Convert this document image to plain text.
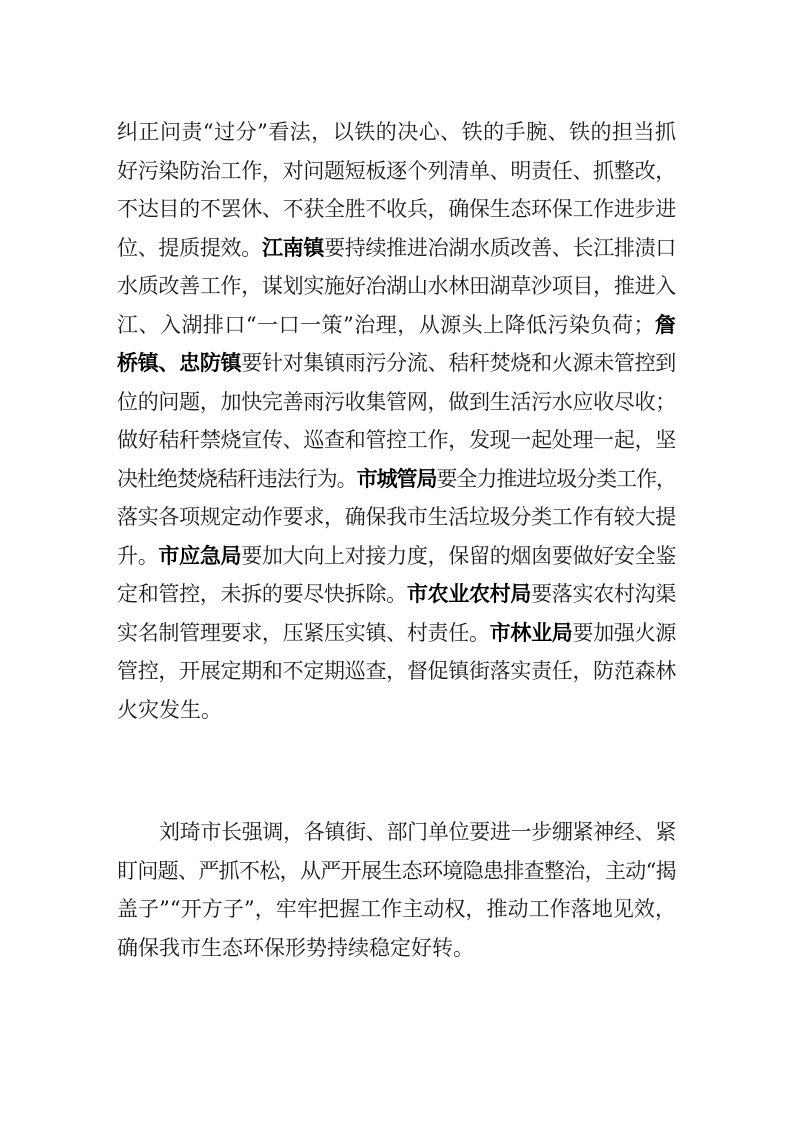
纠正问责“过分”看法，以铁的决心、铁的手腕、铁的担当抓
好污染防治工作，对问题短板逐个列清单、明责任、抓整改，
不达目的不罢休、不获全胜不收兵，确保生态环保工作进步进
位、提质提效。江南镇要持续推进冶湖水质改善、长江排渍口
水质改善工作，谋划实施好冶湖山水林田湖草沙项目，推进入
江、入湖排口“一口一策”治理，从源头上降低污染负荷；詹
桥镇、忠防镇要针对集镇雨污分流、秸秆焚烧和火源未管控到
位的问题，加快完善雨污收集管网，做到生活污水应收尽收；
做好秸秆禁烧宣传、巡查和管控工作，发现一起处理一起，坚
决杜绝焚烧秸秆违法行为。市城管局要全力推进垃圾分类工作，
落实各项规定动作要求，确保我市生活垃圾分类工作有较大提
升。市应急局要加大向上对接力度，保留的烟囱要做好安全鉴
定和管控，未拆的要尽快拆除。市农业农村局要落实农村沟渠
实名制管理要求，压紧压实镇、村责任。市林业局要加强火源
管控，开展定期和不定期巡查，督促镇街落实责任，防范森林
火灾发生。
刘琦市长强调，各镇街、部门单位要进一步绷紧神经、紧
盯问题、严抓不松，从严开展生态环境隐患排查整治，主动“揭
盖子”“开方子”，牢牢把握工作主动权，推动工作落地见效，
确保我市生态环保形势持续稳定好转。
